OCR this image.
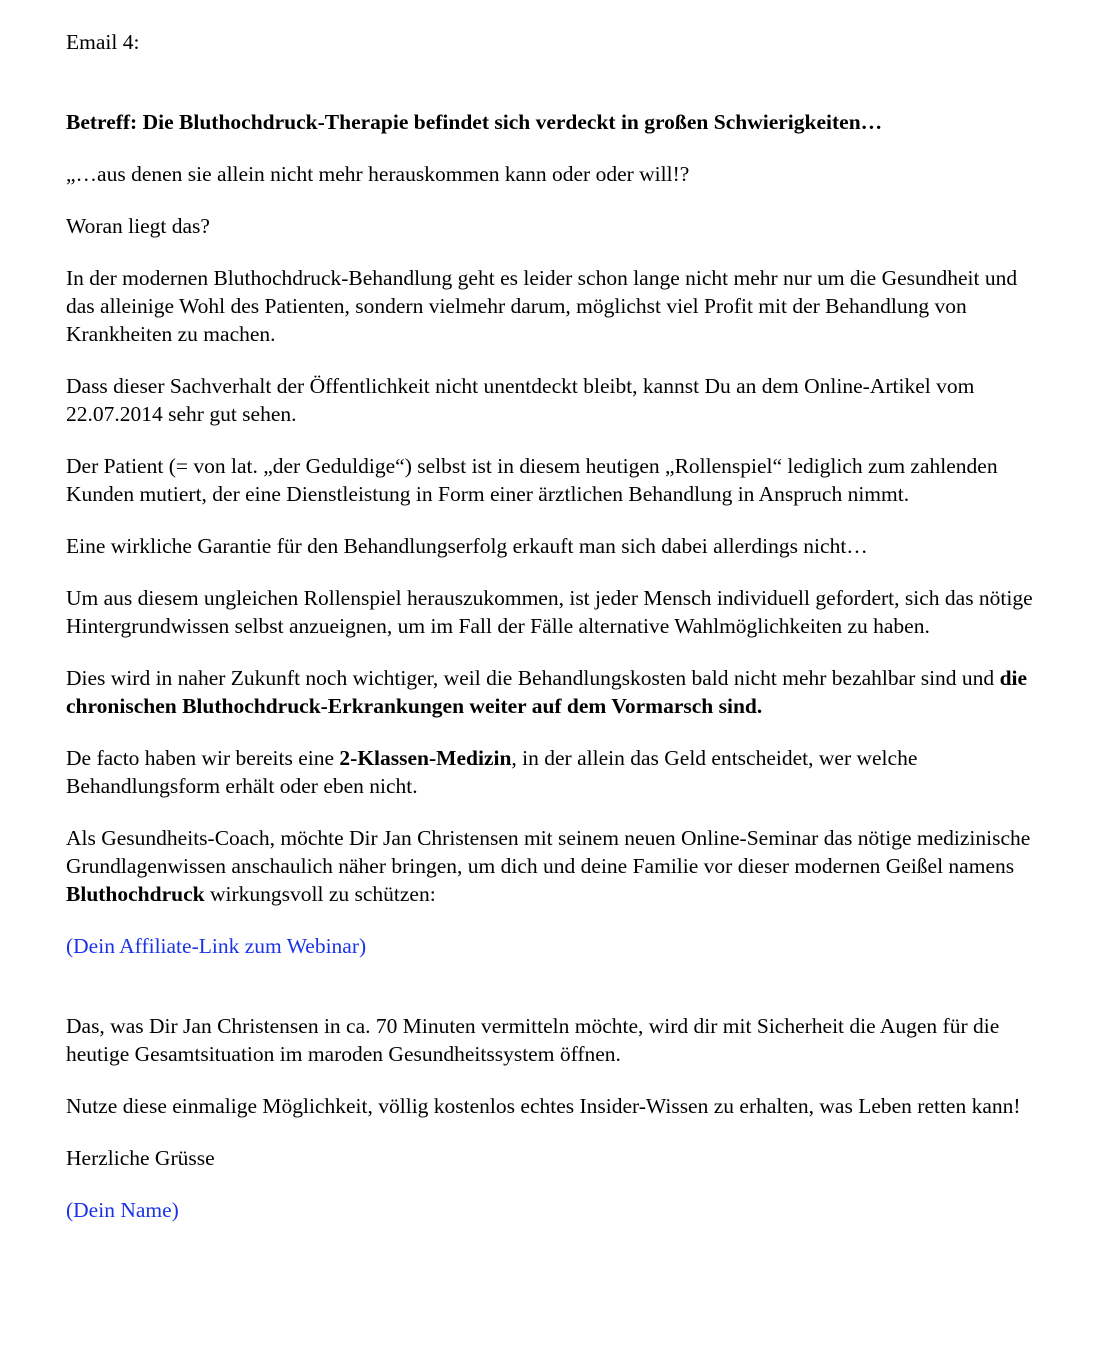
Email 4:

Betreff: Die Bluthochdruck-Therapie befindet sich verdeckt in großen Schwierigkeiten…

„…aus denen sie allein nicht mehr herauskommen kann oder oder will!?

Woran liegt das?

In der modernen Bluthochdruck-Behandlung geht es leider schon lange nicht mehr nur um die Gesundheit und das alleinige Wohl des Patienten, sondern vielmehr darum, möglichst viel Profit mit der Behandlung von Krankheiten zu machen.

Dass dieser Sachverhalt der Öffentlichkeit nicht unentdeckt bleibt, kannst Du an dem Online-Artikel vom 22.07.2014 sehr gut sehen.

Der Patient (= von lat. „der Geduldige“) selbst ist in diesem heutigen „Rollenspiel“ lediglich zum zahlenden Kunden mutiert, der eine Dienstleistung in Form einer ärztlichen Behandlung in Anspruch nimmt.

Eine wirkliche Garantie für den Behandlungserfolg erkauft man sich dabei allerdings nicht…

Um aus diesem ungleichen Rollenspiel herauszukommen, ist jeder Mensch individuell gefordert, sich das nötige Hintergrundwissen selbst anzueignen, um im Fall der Fälle alternative Wahlmöglichkeiten zu haben.

Dies wird in naher Zukunft noch wichtiger, weil die Behandlungskosten bald nicht mehr bezahlbar sind und die chronischen Bluthochdruck-Erkrankungen weiter auf dem Vormarsch sind.

De facto haben wir bereits eine 2-Klassen-Medizin, in der allein das Geld entscheidet, wer welche Behandlungsform erhält oder eben nicht.

Als Gesundheits-Coach, möchte Dir Jan Christensen mit seinem neuen Online-Seminar das nötige medizinische Grundlagenwissen anschaulich näher bringen, um dich und deine Familie vor dieser modernen Geißel namens Bluthochdruck wirkungsvoll zu schützen:

(Dein Affiliate-Link zum Webinar)

Das, was Dir Jan Christensen in ca. 70 Minuten vermitteln möchte, wird dir mit Sicherheit die Augen für die heutige Gesamtsituation im maroden Gesundheitssystem öffnen.

Nutze diese einmalige Möglichkeit, völlig kostenlos echtes Insider-Wissen zu erhalten, was Leben retten kann!

Herzliche Grüsse

(Dein Name)
